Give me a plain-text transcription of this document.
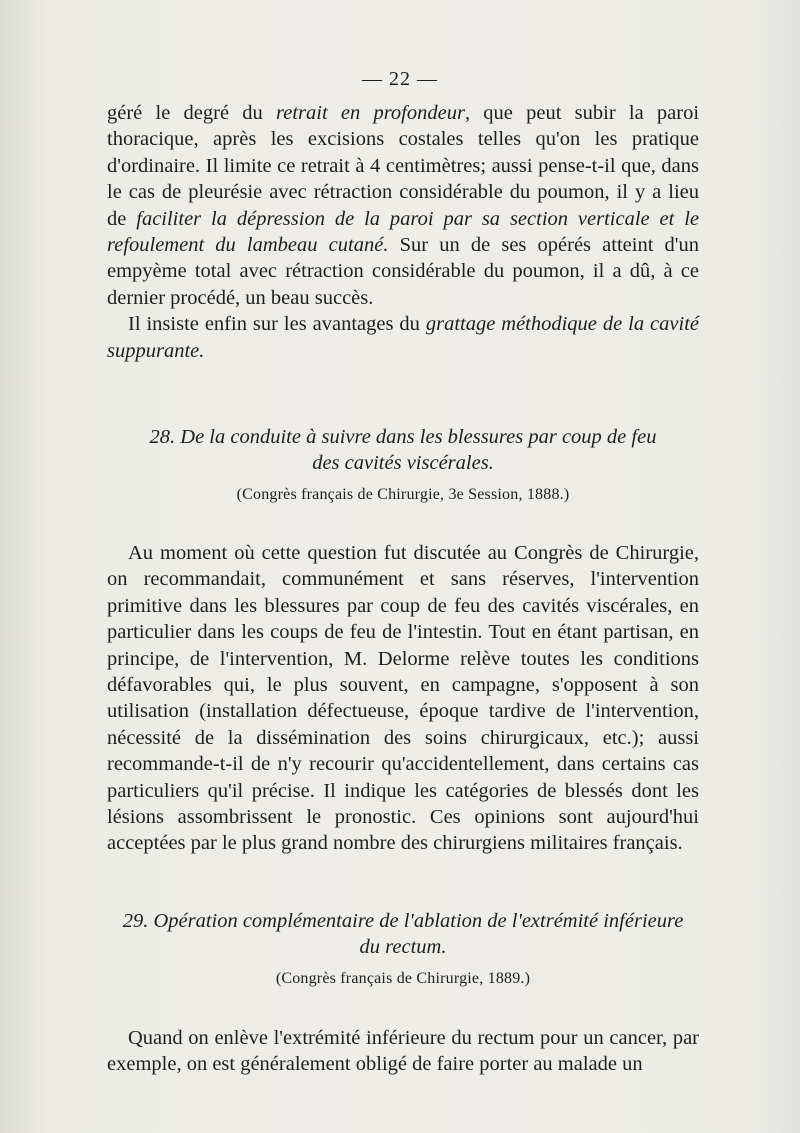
— 22 —

géré le degré du retrait en profondeur, que peut subir la paroi thoracique, après les excisions costales telles qu'on les pratique d'ordinaire. Il limite ce retrait à 4 centimètres; aussi pense-t-il que, dans le cas de pleurésie avec rétraction considérable du poumon, il y a lieu de faciliter la dépression de la paroi par sa section verticale et le refoulement du lambeau cutané. Sur un de ses opérés atteint d'un empyème total avec rétraction considérable du poumon, il a dû, à ce dernier procédé, un beau succès.

Il insiste enfin sur les avantages du grattage méthodique de la cavité suppurante.

28. De la conduite à suivre dans les blessures par coup de feu
des cavités viscérales.

(Congrès français de Chirurgie, 3e Session, 1888.)

Au moment où cette question fut discutée au Congrès de Chirurgie, on recommandait, communément et sans réserves, l'intervention primitive dans les blessures par coup de feu des cavités viscérales, en particulier dans les coups de feu de l'intestin. Tout en étant partisan, en principe, de l'intervention, M. Delorme relève toutes les conditions défavorables qui, le plus souvent, en campagne, s'opposent à son utilisation (installation défectueuse, époque tardive de l'intervention, nécessité de la dissémination des soins chirurgicaux, etc.); aussi recommande-t-il de n'y recourir qu'accidentellement, dans certains cas particuliers qu'il précise. Il indique les catégories de blessés dont les lésions assombrissent le pronostic. Ces opinions sont aujourd'hui acceptées par le plus grand nombre des chirurgiens militaires français.

29. Opération complémentaire de l'ablation de l'extrémité inférieure
du rectum.

(Congrès français de Chirurgie, 1889.)

Quand on enlève l'extrémité inférieure du rectum pour un cancer, par exemple, on est généralement obligé de faire porter au malade un
